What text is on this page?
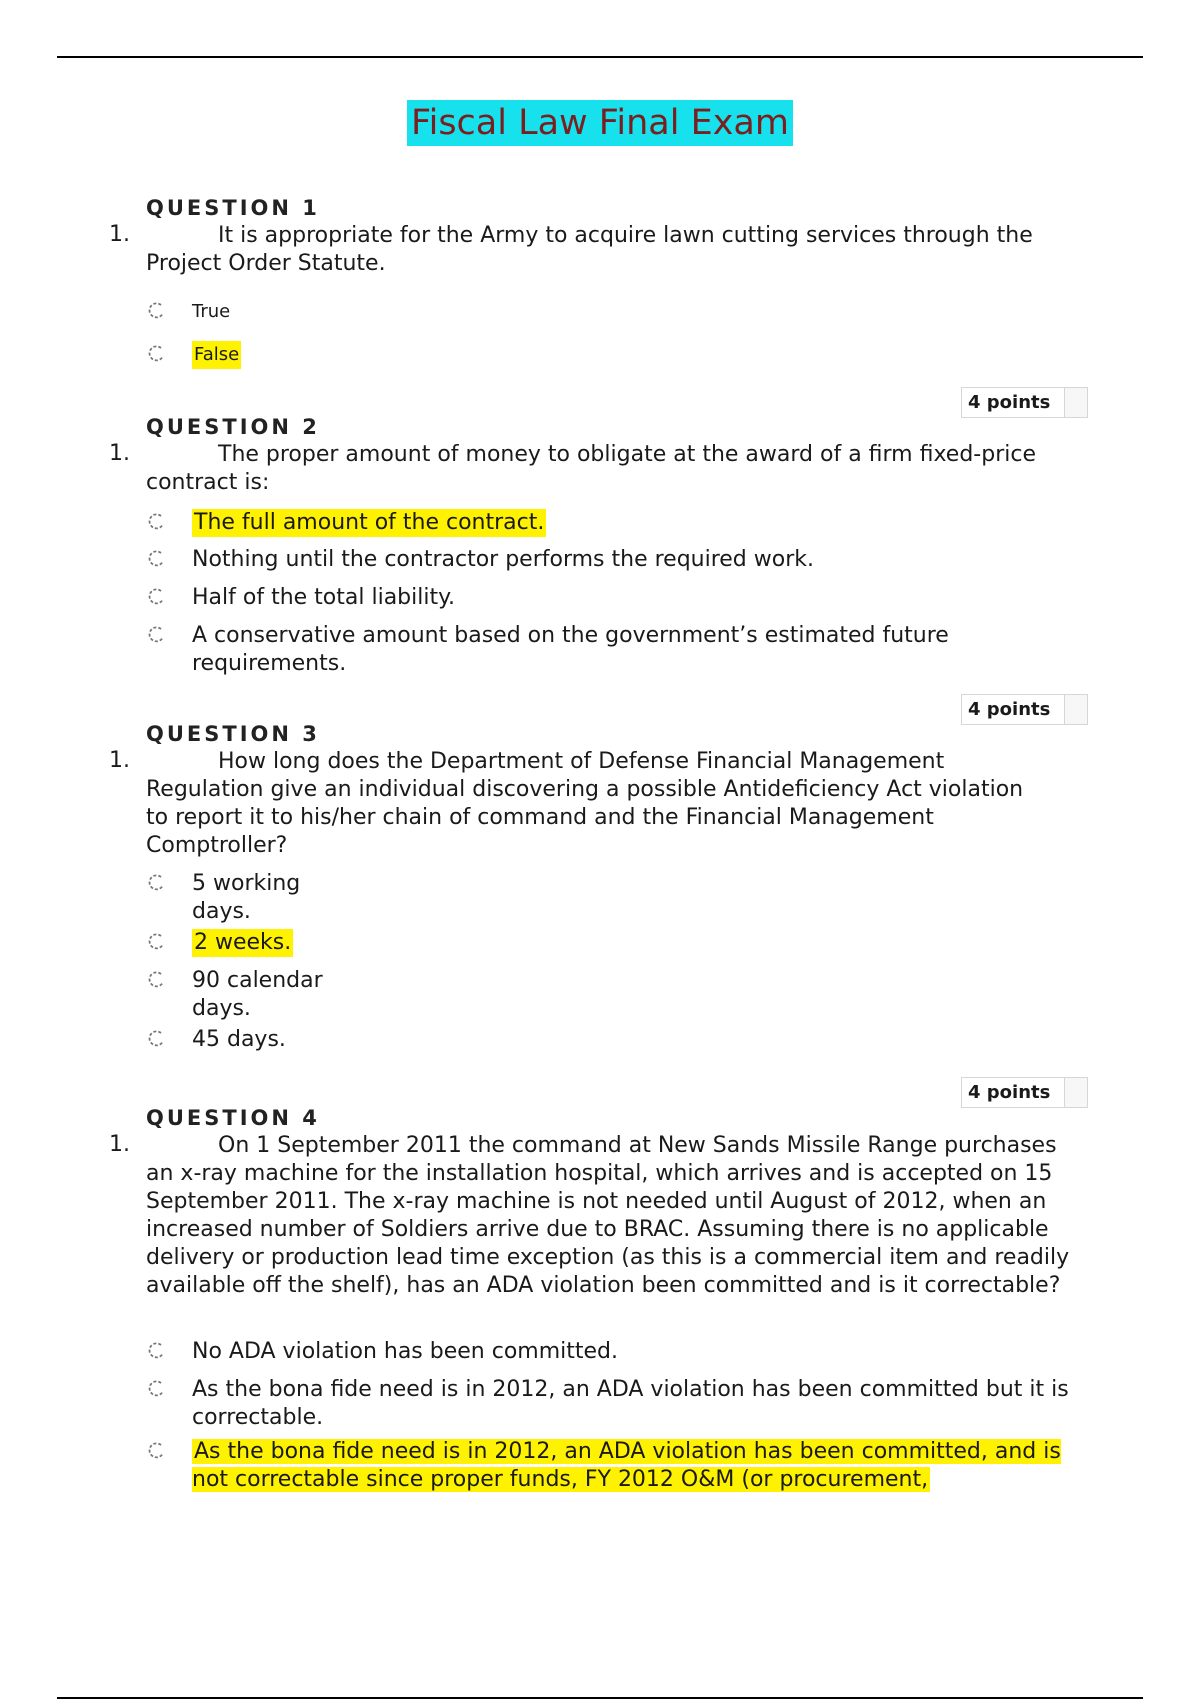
Fiscal Law Final Exam
QUESTION 1
1.	It is appropriate for the Army to acquire lawn cutting services through the Project Order Statute.
True
False
4 points
QUESTION 2
1.	The proper amount of money to obligate at the award of a firm fixed-price contract is:
The full amount of the contract.
Nothing until the contractor performs the required work.
Half of the total liability.
A conservative amount based on the government’s estimated future requirements.
4 points
QUESTION 3
1.	How long does the Department of Defense Financial Management Regulation give an individual discovering a possible Antideficiency Act violation to report it to his/her chain of command and the Financial Management Comptroller?
5 working days.
2 weeks.
90 calendar days.
45 days.
4 points
QUESTION 4
1.	On 1 September 2011 the command at New Sands Missile Range purchases an x-ray machine for the installation hospital, which arrives and is accepted on 15 September 2011. The x-ray machine is not needed until August of 2012, when an increased number of Soldiers arrive due to BRAC. Assuming there is no applicable delivery or production lead time exception (as this is a commercial item and readily available off the shelf), has an ADA violation been committed and is it correctable?
No ADA violation has been committed.
As the bona fide need is in 2012, an ADA violation has been committed but it is correctable.
As the bona fide need is in 2012, an ADA violation has been committed, and is not correctable since proper funds, FY 2012 O&M (or procurement,
